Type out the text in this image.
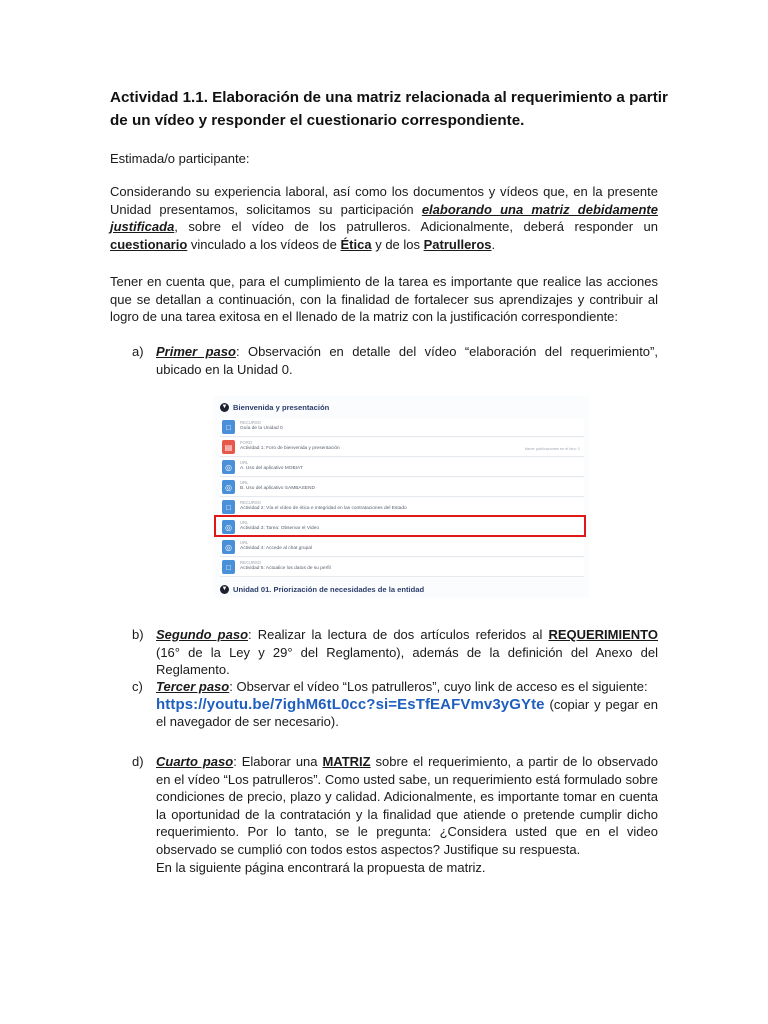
Actividad 1.1. Elaboración de una matriz relacionada al requerimiento a partir de un vídeo y responder el cuestionario correspondiente.
Estimada/o participante:
Considerando su experiencia laboral, así como los documentos y vídeos que, en la presente Unidad presentamos, solicitamos su participación elaborando una matriz debidamente justificada, sobre el vídeo de los patrulleros. Adicionalmente, deberá responder un cuestionario vinculado a los vídeos de Ética y de los Patrulleros.
Tener en cuenta que, para el cumplimiento de la tarea es importante que realice las acciones que se detallan a continuación, con la finalidad de fortalecer sus aprendizajes y contribuir al logro de una tarea exitosa en el llenado de la matriz con la justificación correspondiente:
a) Primer paso: Observación en detalle del vídeo “elaboración del requerimiento”, ubicado en la Unidad 0.
▼ Bienvenida y presentación
□	RECURSO
Guía de la Unidad 0
▤	FORO
Actividad 1: Foro de bienvenida y presentación	Hacer publicaciones en el foro: 1
◎	URL
A. Uso del aplicativo MOBIAT
◎	URL
B. Uso del aplicativo SAMBASEND
□	RECURSO
Actividad 2: Vía el vídeo de ética e integridad en las contrataciones del Estado
◎	URL
Actividad 3: Tarea: Observar el Video
◎	URL
Actividad 4: Accede al chat grupal
□	RECURSO
Actividad 5: Actualice los datos de su perfil
▼ Unidad 01. Priorización de necesidades de la entidad
b) Segundo paso: Realizar la lectura de dos artículos referidos al REQUERIMIENTO (16° de la Ley y 29° del Reglamento), además de la definición del Anexo del Reglamento.
c)	Tercer paso: Observar el vídeo “Los patrulleros”, cuyo link de acceso es el siguiente:
https://youtu.be/7ighM6tL0cc?si=EsTfEAFVmv3yGYte (copiar y pegar en el navegador de ser necesario).
d) Cuarto paso: Elaborar una MATRIZ sobre el requerimiento, a partir de lo observado en el vídeo “Los patrulleros”. Como usted sabe, un requerimiento está formulado sobre condiciones de precio, plazo y calidad. Adicionalmente, es importante tomar en cuenta la oportunidad de la contratación y la finalidad que atiende o pretende cumplir dicho requerimiento. Por lo tanto, se le pregunta: ¿Considera usted que en el video observado se cumplió con todos estos aspectos? Justifique su respuesta.
En la siguiente página encontrará la propuesta de matriz.
